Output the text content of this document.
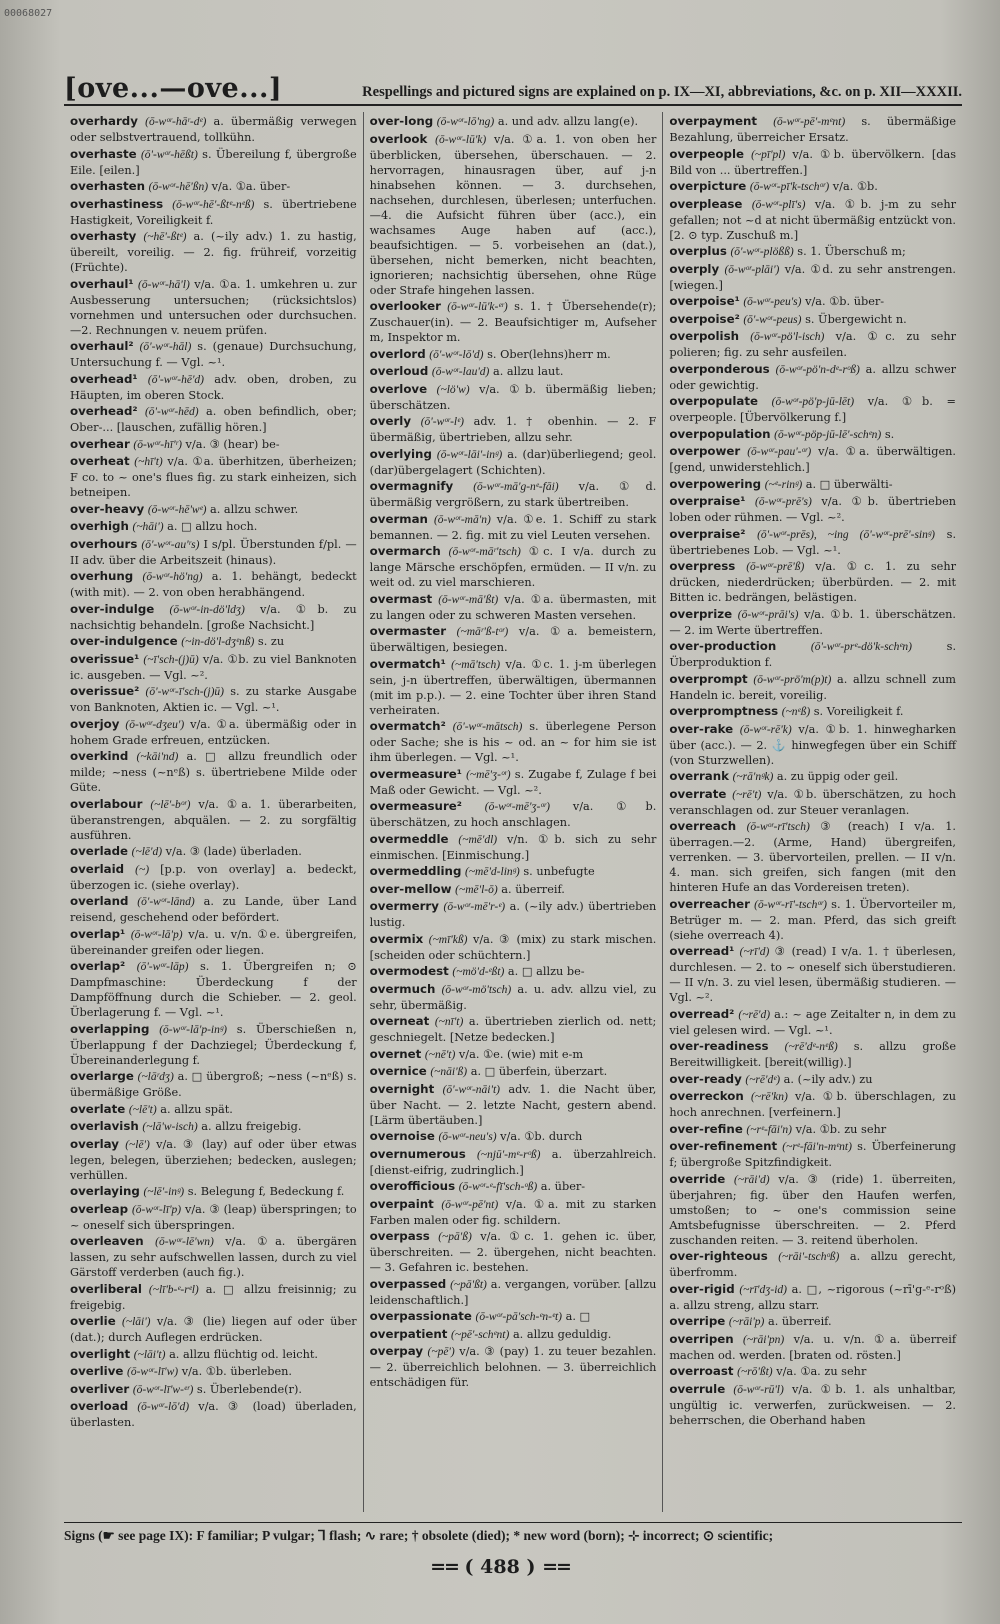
00068027
[ove...—ove...]	Respellings and pictured signs are explained on p. IX—XI, abbreviations, &c. on p. XII—XXXII.

overhardy (ō-wᵒʳ-hāʳ-dᵉ) a. übermäßig verwegen oder selbstvertrauend, tollkühn.

overhaste (ō'-wᵒʳ-hēßt) s. Übereilung f, übergroße Eile. [eilen.]

overhasten (ō-wᵒʳ-hē'ßn) v/a. ①a. über-

overhastiness (ō-wᵒʳ-hē'-ßtᵉ-nᵉß) s. übertriebene Hastigkeit, Voreiligkeit f.

overhasty (~hē'-ßtᵉ) a. (~ily adv.) 1. zu hastig, übereilt, voreilig. — 2. fig. frühreif, vorzeitig (Früchte).

overhaul¹ (ō-wᵒʳ-hā'l) v/a. ①a. 1. umkehren u. zur Ausbesserung untersuchen; (rücksichtslos) vornehmen und untersuchen oder durchsuchen.—2. Rechnungen v. neuem prüfen.

overhaul² (ō'-wᵒʳ-hāl) s. (genaue) Durchsuchung, Untersuchung f. — Vgl. ~¹.

overhead¹ (ō'-wᵒʳ-hē'd) adv. oben, droben, zu Häupten, im oberen Stock.

overhead² (ō'-wᵒʳ-hēd) a. oben befindlich, ober; Ober-... [lauschen, zufällig hören.]

overhear (ō-wᵒʳ-hī'ʳ) v/a. ③ (hear) be-

overheat (~hī't) v/a. ①a. überhitzen, überheizen; F co. to ~ one's flues fig. zu stark einheizen, sich betneipen.

over-heavy (ō-wᵒʳ-hē'wᵉ) a. allzu schwer.

overhigh (~hāi') a. □ allzu hoch.

overhours (ō'-wᵒʳ-au'ʳs) I s/pl. Überstunden f/pl. — II adv. über die Arbeitszeit (hinaus).

overhung (ō-wᵒʳ-hö'ng) a. 1. behängt, bedeckt (with mit). — 2. von oben herabhängend.

over-indulge (ō-wᵒʳ-in-dö'ldʒ) v/a. ①b. zu nachsichtig behandeln. [große Nachsicht.]

over-indulgence (~in-dö'l-dʒᵉnß) s. zu

overissue¹ (~ī'sch-(j)ū) v/a. ①b. zu viel Banknoten ic. ausgeben. — Vgl. ~².

overissue² (ō'-wᵒʳ-ī'sch-(j)ū) s. zu starke Ausgabe von Banknoten, Aktien ic. — Vgl. ~¹.

overjoy (ō-wᵒʳ-dʒeu') v/a. ①a. übermäßig oder in hohem Grade erfreuen, entzücken.

overkind (~kāi'nd) a. □ allzu freundlich oder milde; ~ness (~nᵉß) s. übertriebene Milde oder Güte.

overlabour (~lē'-bᵒʳ) v/a. ①a. 1. überarbeiten, überanstrengen, abquälen. — 2. zu sorgfältig ausführen.

overlade (~lē'd) v/a. ③ (lade) überladen.

overlaid (~) [p.p. von overlay] a. bedeckt, überzogen ic. (siehe overlay).

overland (ō'-wᵒʳ-lānd) a. zu Lande, über Land reisend, geschehend oder befördert.

overlap¹ (ō-wᵒʳ-lā'p) v/a. u. v/n. ①e. übergreifen, übereinander greifen oder liegen.

overlap² (ō'-wᵒʳ-lāp) s. 1. Übergreifen n; ⊙ Dampfmaschine: Überdeckung f der Dampföffnung durch die Schieber. — 2. geol. Überlagerung f. — Vgl. ~¹.

overlapping (ō-wᵒʳ-lā'p-inᵍ) s. Überschießen n, Überlappung f der Dachziegel; Überdeckung f, Übereinanderlegung f.

overlarge (~lāʳdʒ) a. □ übergroß; ~ness (~nᵉß) s. übermäßige Größe.

overlate (~lē't) a. allzu spät.

overlavish (~lā'w-isch) a. allzu freigebig.

overlay (~lē') v/a. ③ (lay) auf oder über etwas legen, belegen, überziehen; bedecken, auslegen; verhüllen.

overlaying (~lē'-inᵍ) s. Belegung f, Bedeckung f.

overleap (ō-wᵒʳ-lī'p) v/a. ③ (leap) überspringen; to ~ oneself sich überspringen.

overleaven (ō-wᵒʳ-lē'wn) v/a. ①a. übergären lassen, zu sehr aufschwellen lassen, durch zu viel Gärstoff verderben (auch fig.).

overliberal (~lī'b-ᵉ-rᵉl) a. □ allzu freisinnig; zu freigebig.

overlie (~lāi') v/a. ③ (lie) liegen auf oder über (dat.); durch Auflegen erdrücken.

overlight (~lāi't) a. allzu flüchtig od. leicht.

overlive (ō-wᵒʳ-lī'w) v/a. ①b. überleben.

overliver (ō-wᵒʳ-lī'w-ᵉʳ) s. Überlebende(r).

overload (ō-wᵒʳ-lō'd) v/a. ③ (load) überladen, überlasten.

over-long (ō-wᵒʳ-lō'ng) a. und adv. allzu lang(e).

overlook (ō-wᵒʳ-lū'k) v/a. ①a. 1. von oben her überblicken, übersehen, überschauen. — 2. hervorragen, hinausragen über, auf j-n hinabsehen können. — 3. durchsehen, nachsehen, durchlesen, überlesen; unterfuchen.—4. die Aufsicht führen über (acc.), ein wachsames Auge haben auf (acc.), beaufsichtigen. — 5. vorbeisehen an (dat.), übersehen, nicht bemerken, nicht beachten, ignorieren; nachsichtig übersehen, ohne Rüge oder Strafe hingehen lassen.

overlooker (ō-wᵒʳ-lū'k-ᵉʳ) s. 1. † Übersehende(r); Zuschauer(in). — 2. Beaufsichtiger m, Aufseher m, Inspektor m.

overlord (ō'-wᵒʳ-lō'd) s. Ober(lehns)herr m.

overloud (ō-wᵒʳ-lau'd) a. allzu laut.

overlove (~lö'w) v/a. ①b. übermäßig lieben; überschätzen.

overly (ō'-wᵒʳ-lᵉ) adv. 1. † obenhin. — 2. F übermäßig, übertrieben, allzu sehr.

overlying (ō-wᵒʳ-lāi'-inᵍ) a. (dar)überliegend; geol. (dar)übergelagert (Schichten).

overmagnify (ō-wᵒʳ-mā'g-nᵉ-fāi) v/a. ①d. übermäßig vergrößern, zu stark übertreiben.

overman (ō-wᵒʳ-mā'n) v/a. ①e. 1. Schiff zu stark bemannen. — 2. fig. mit zu viel Leuten versehen.

overmarch (ō-wᵒʳ-māʳ'tsch) ①c. I v/a. durch zu lange Märsche erschöpfen, ermüden. — II v/n. zu weit od. zu viel marschieren.

overmast (ō-wᵒʳ-mā'ßt) v/a. ①a. übermasten, mit zu langen oder zu schweren Masten versehen.

overmaster (~māʳ'ß-tᵒʳ) v/a. ①a. bemeistern, überwältigen, besiegen.

overmatch¹ (~mā'tsch) v/a. ①c. 1. j-m überlegen sein, j-n übertreffen, überwältigen, übermannen (mit im p.p.). — 2. eine Tochter über ihren Stand verheiraten.

overmatch² (ō'-wᵒʳ-mātsch) s. überlegene Person oder Sache; she is his ~ od. an ~ for him sie ist ihm überlegen. — Vgl. ~¹.

overmeasure¹ (~mē'ʒ-ᵒʳ) s. Zugabe f, Zulage f bei Maß oder Gewicht. — Vgl. ~².

overmeasure² (ō-wᵒʳ-mē'ʒ-ᵒʳ) v/a. ①b. überschätzen, zu hoch anschlagen.

overmeddle (~mē'dl) v/n. ①b. sich zu sehr einmischen. [Einmischung.]

overmeddling (~mē'd-linᵍ) s. unbefugte

over-mellow (~mē'l-ō) a. überreif.

overmerry (ō-wᵒʳ-mē'r-ᵉ) a. (~ily adv.) übertrieben lustig.

overmix (~mī'kß) v/a. ③ (mix) zu stark mischen. [scheiden oder schüchtern.]

overmodest (~mö'd-ᵉßt) a. □ allzu be-

overmuch (ō-wᵒʳ-mö'tsch) a. u. adv. allzu viel, zu sehr, übermäßig.

overneat (~nī't) a. übertrieben zierlich od. nett; geschniegelt. [Netze bedecken.]

overnet (~nē't) v/a. ①e. (wie) mit e-m

overnice (~nāi'ß) a. □ überfein, überzart.

overnight (ō'-wᵒʳ-nāi't) adv. 1. die Nacht über, über Nacht. — 2. letzte Nacht, gestern abend. [Lärm übertäuben.]

overnoise (ō-wᵒʳ-neu's) v/a. ①b. durch

overnumerous (~njū'-mᵉ-rᵒß) a. überzahlreich. [dienst-eifrig, zudringlich.]

overofficious (ō-wᵒʳ-ᵉ-fī'sch-ᵒß) a. über-

overpaint (ō-wᵒʳ-pē'nt) v/a. ①a. mit zu starken Farben malen oder fig. schildern.

overpass (~pā'ß) v/a. ①c. 1. gehen ic. über, überschreiten. — 2. übergehen, nicht beachten. — 3. Gefahren ic. bestehen.

overpassed (~pā'ßt) a. vergangen, vorüber. [allzu leidenschaftlich.]

overpassionate (ō-wᵒʳ-pā'sch-ᵉn-ᵉt) a. □

overpatient (~pē'-schᵉnt) a. allzu geduldig.

overpay (~pē') v/a. ③ (pay) 1. zu teuer bezahlen. — 2. überreichlich belohnen. — 3. überreichlich entschädigen für.

overpayment (ō-wᵒʳ-pē'-mᵉnt) s. übermäßige Bezahlung, überreicher Ersatz.

overpeople (~pī'pl) v/a. ①b. übervölkern. [das Bild von ... übertreffen.]

overpicture (ō-wᵒʳ-pī'k-tschᵒʳ) v/a. ①b.

overplease (ō-wᵒʳ-plī's) v/a. ①b. j-m zu sehr gefallen; not ~d at nicht übermäßig entzückt von. [2. ⊙ typ. Zuschuß m.]

overplus (ō'-wᵒʳ-plößß) s. 1. Überschuß m;

overply (ō-wᵒʳ-plāi') v/a. ①d. zu sehr anstrengen. [wiegen.]

overpoise¹ (ō-wᵒʳ-peu's) v/a. ①b. über-

overpoise² (ō'-wᵒʳ-peus) s. Übergewicht n.

overpolish (ō-wᵒʳ-pö'l-isch) v/a. ①c. zu sehr polieren; fig. zu sehr ausfeilen.

overponderous (ō-wᵒʳ-pö'n-dᵉ-rᵒß) a. allzu schwer oder gewichtig.

overpopulate (ō-wᵒʳ-pö'p-jū-lēt) v/a. ①b. = overpeople. [Übervölkerung f.]

overpopulation (ō-wᵒʳ-pöp-jū-lē'-schᵉn) s.

overpower (ō-wᵒʳ-pau'-ᵒʳ) v/a. ①a. überwältigen. [gend, unwiderstehlich.]

overpowering (~ᵉ-rinᵍ) a. □ überwälti-

overpraise¹ (ō-wᵒʳ-prē's) v/a. ①b. übertrieben loben oder rühmen. — Vgl. ~².

overpraise² (ō'-wᵒʳ-prēs), ~ing (ō'-wᵒʳ-prē'-sinᵍ) s. übertriebenes Lob. — Vgl. ~¹.

overpress (ō-wᵒʳ-prē'ß) v/a. ①c. 1. zu sehr drücken, niederdrücken; überbürden. — 2. mit Bitten ic. bedrängen, belästigen.

overprize (ō-wᵒʳ-prāi's) v/a. ①b. 1. überschätzen. — 2. im Werte übertreffen.

over-production	(ō'-wᵒʳ-prᵉ-dö'k-schᵉn)	s. Überproduktion f.

overprompt (ō-wᵒʳ-prö'm(p)t) a. allzu schnell zum Handeln ic. bereit, voreilig.

overpromptness (~nᵉß) s. Voreiligkeit f.

over-rake (ō-wᵒʳ-rē'k) v/a. ①b. 1. hinwegharken über (acc.). — 2. ⚓ hinwegfegen über ein Schiff (von Sturzwellen).

overrank (~rā'nᵍk) a. zu üppig oder geil.

overrate (~rē't) v/a. ①b. überschätzen, zu hoch veranschlagen od. zur Steuer veranlagen.

overreach (ō-wᵒʳ-rī'tsch) ③ (reach) I v/a. 1. überragen.—2. (Arme, Hand) übergreifen, verrenken. — 3. übervorteilen, prellen. — II v/n. 4. man. sich greifen, sich fangen (mit den hinteren Hufe an das Vordereisen treten).

overreacher (ō-wᵒʳ-rī'-tschᵒʳ) s. 1. Übervorteiler m, Betrüger m. — 2. man. Pferd, das sich greift (siehe overreach 4).

overread¹ (~rī'd) ③ (read) I v/a. 1. † überlesen, durchlesen. — 2. to ~ oneself sich überstudieren. — II v/n. 3. zu viel lesen, übermäßig studieren. — Vgl. ~².

overread² (~rē'd) a.: ~ age Zeitalter n, in dem zu viel gelesen wird. — Vgl. ~¹.

over-readiness (~rē'dᵉ-nᵉß) s. allzu große Bereitwilligkeit. [bereit(willig).]

over-ready (~rē'dᵉ) a. (~ily adv.) zu

overreckon (~rē'kn) v/a. ①b. überschlagen, zu hoch anrechnen. [verfeinern.]

over-refine (~rᵉ-fāi'n) v/a. ①b. zu sehr

over-refinement (~rᵉ-fāi'n-mᵉnt) s. Überfeinerung f; übergroße Spitzfindigkeit.

override (~rāi'd) v/a. ③ (ride) 1. überreiten, überjahren; fig. über den Haufen werfen, umstoßen; to ~ one's commission seine Amtsbefugnisse überschreiten. — 2. Pferd zuschanden reiten. — 3. reitend überholen.

over-righteous (~rāi'-tschᵒß) a. allzu gerecht, überfromm.

over-rigid (~rī'dʒ-id) a. □, ~rigorous (~rī'g-ᵉ-rᵒß) a. allzu streng, allzu starr.

overripe (~rāi'p) a. überreif.

overripen (~rāi'pn) v/a. u. v/n. ①a. überreif machen od. werden. [braten od. rösten.]

overroast (~rō'ßt) v/a. ①a. zu sehr

overrule (ō-wᵒʳ-rū'l) v/a. ①b. 1. als unhaltbar, ungültig ic. verwerfen, zurückweisen. — 2. beherrschen, die Oberhand haben

Signs (☛ see page IX): F familiar; P vulgar; ⅂ flash; ∿ rare; † obsolete (died); * new word (born); ⊹ incorrect; ⊙ scientific;
== ( 488 ) ==
